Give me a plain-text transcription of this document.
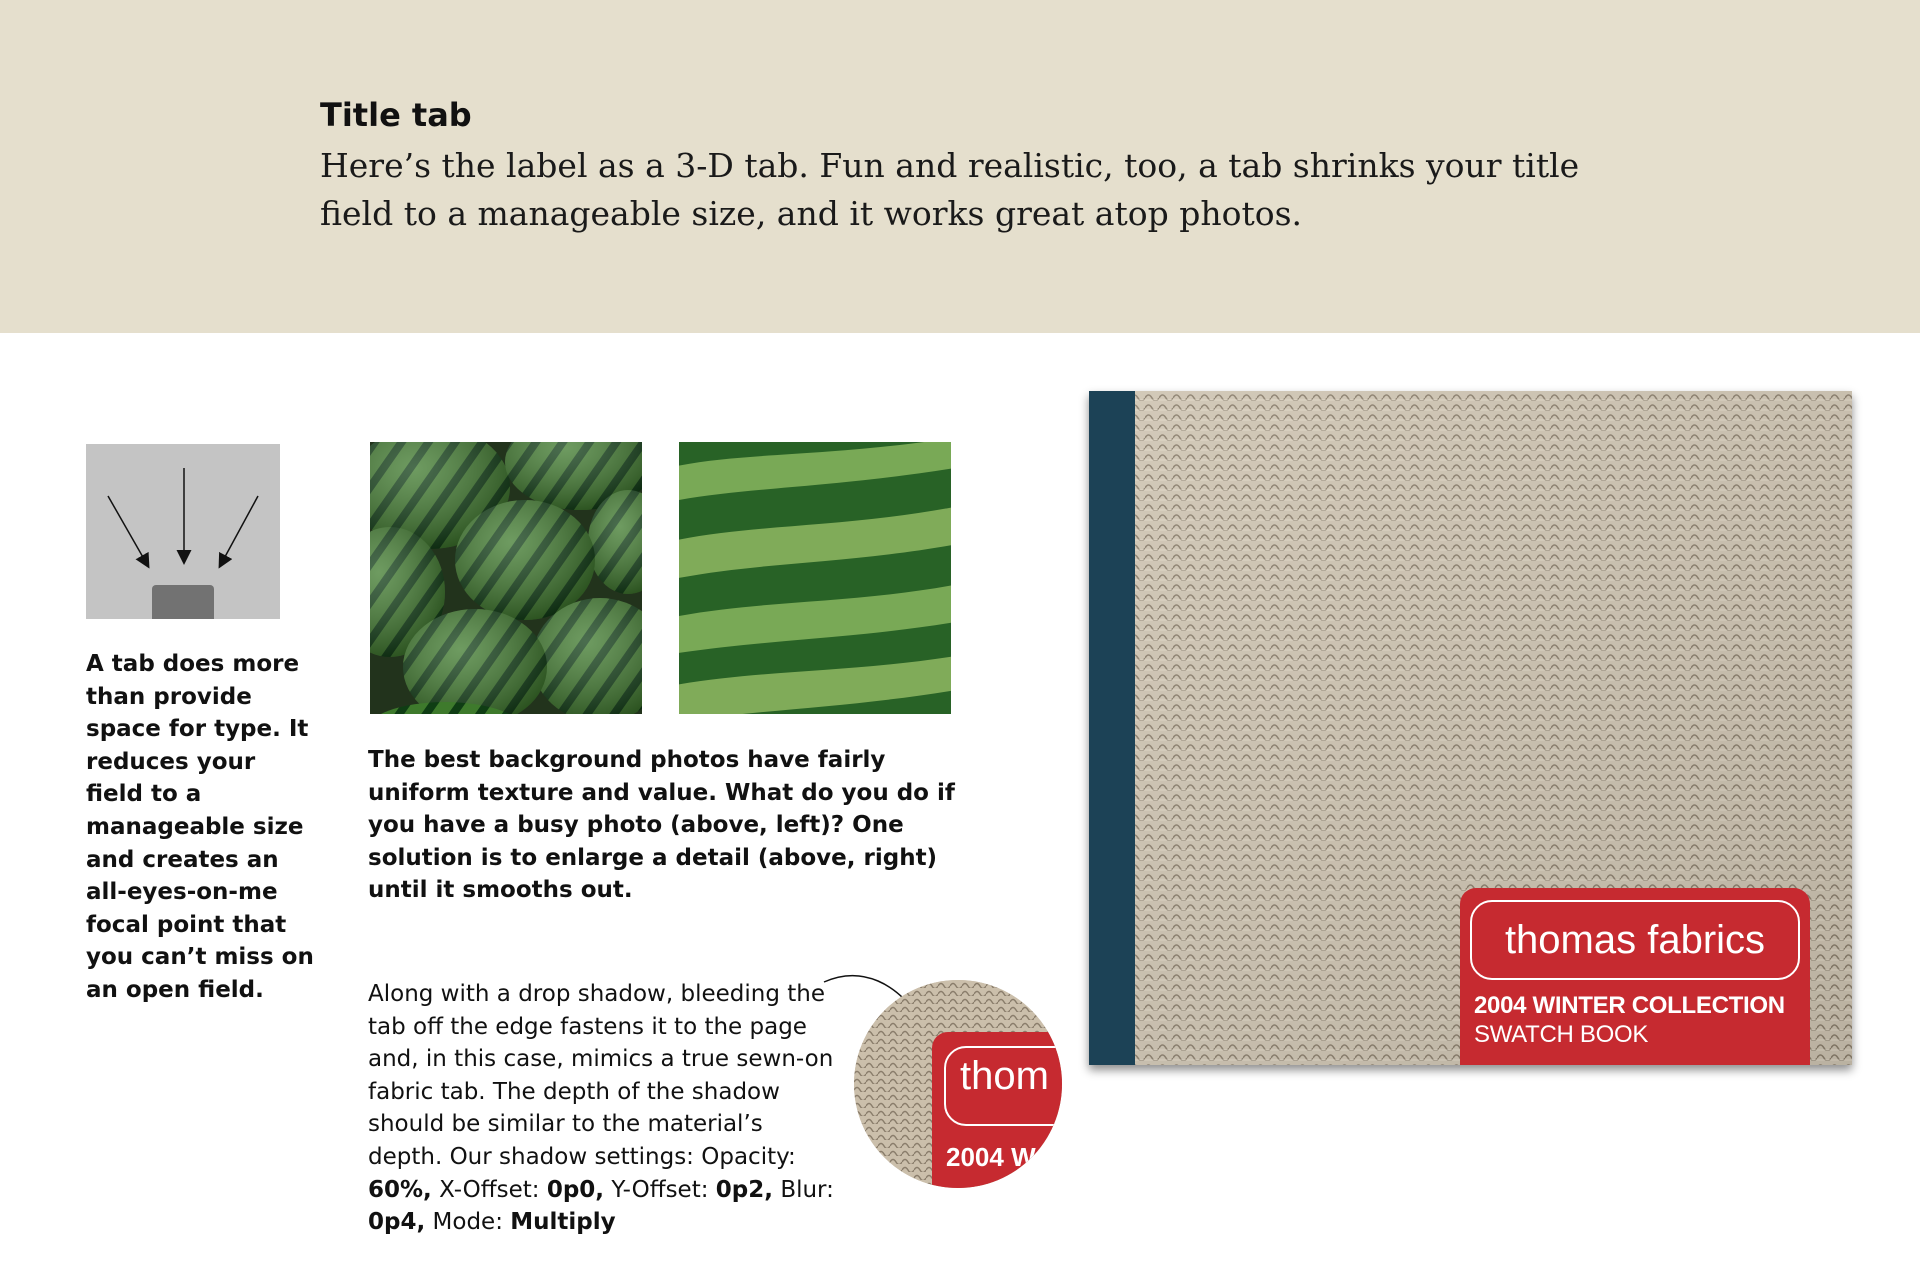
Title tab
Here’s the label as a 3-D tab. Fun and realistic, too, a tab shrinks your title field to a manageable size, and it works great atop photos.
A tab does more than provide space for type. It reduces your field to a manageable size and creates an all-eyes-on-me focal point that you can’t miss on an open field.
The best background photos have fairly uniform texture and value. What do you do if you have a busy photo (above, left)? One solution is to enlarge a detail (above, right) until it smooths out.
Along with a drop shadow, bleeding the tab off the edge fastens it to the page and, in this case, mimics a true sewn-on fabric tab. The depth of the shadow should be similar to the material’s depth. Our shadow settings: Opacity: 60%, X-Offset: 0p0, Y-Offset: 0p2, Blur: 0p4, Mode: Multiply
thom
2004 W
thomas fabrics
2004 WINTER COLLECTION
SWATCH BOOK
